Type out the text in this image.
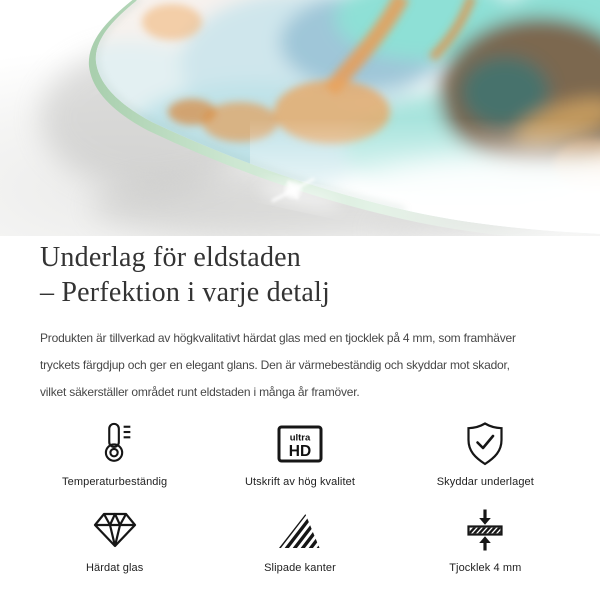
Underlag för eldstaden
– Perfektion i varje detalj

Produkten är tillverkad av högkvalitativt härdat glas med en tjocklek på 4 mm, som framhäver
tryckets färgdjup och ger en elegant glans. Den är värmebeständig och skyddar mot skador,
vilket säkerställer området runt eldstaden i många år framöver.

Temperaturbeständig
ultra
HD
Utskrift av hög kvalitet	Skyddar underlaget
Härdat glas	Slipade kanter	Tjocklek 4 mm
